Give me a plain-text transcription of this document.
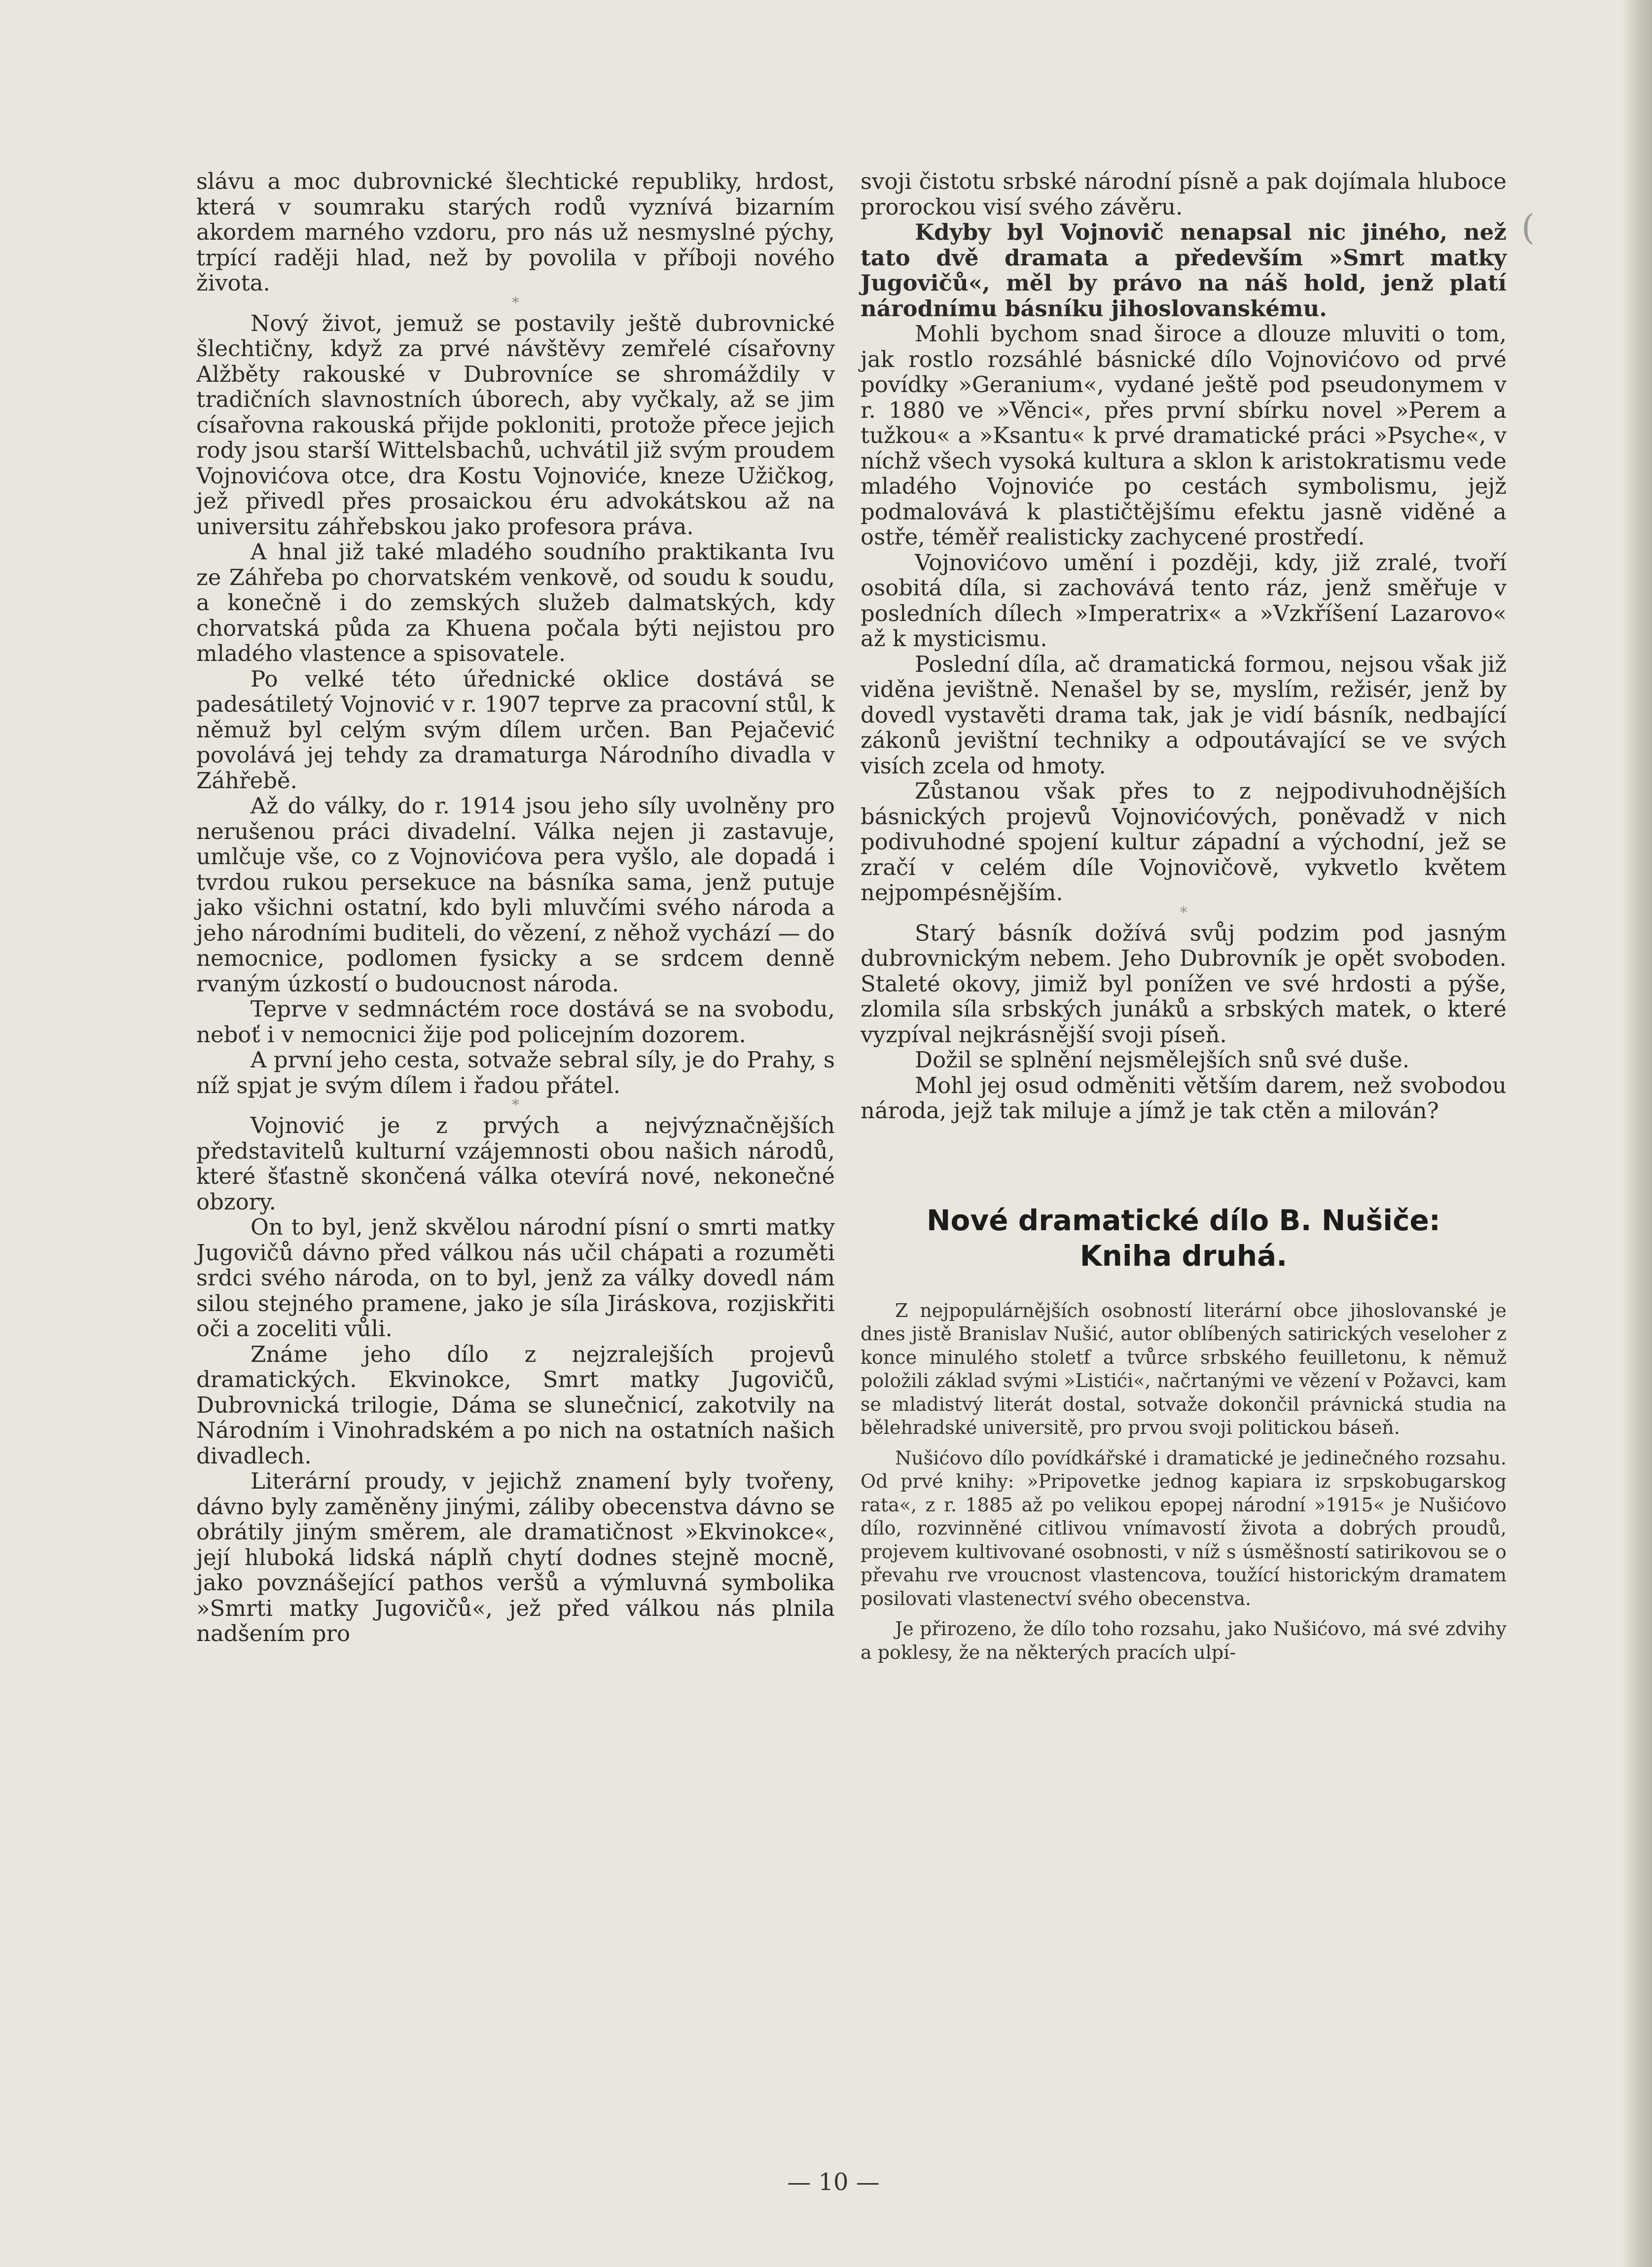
(

slávu a moc dubrovnické šlechtické republiky, hrdost, která v soumraku starých rodů vyznívá bizarním akordem marného vzdoru, pro nás už nesmyslné pýchy, trpící raději hlad, než by povolila v příboji nového života.

*

Nový život, jemuž se postavily ještě dubrovnické šlechtičny, když za prvé návštěvy zemřelé císařovny Alžběty rakouské v Dubrovníce se shromáždily v tradičních slavnostních úborech, aby vyčkaly, až se jim císařovna rakouská přijde pokloniti, protože přece jejich rody jsou starší Wittelsbachů, uchvátil již svým proudem Vojnovićova otce, dra Kostu Vojnoviće, kneze Užičkog, jež přivedl přes prosaickou éru advokátskou až na universitu záhřebskou jako profesora práva.

A hnal již také mladého soudního praktikanta Ivu ze Záhřeba po chorvatském venkově, od soudu k soudu, a konečně i do zemských služeb dalmatských, kdy chorvatská půda za Khuena počala býti nejistou pro mladého vlastence a spisovatele.

Po velké této úřednické oklice dostává se padesátiletý Vojnović v r. 1907 teprve za pracovní stůl, k němuž byl celým svým dílem určen. Ban Pejačević povolává jej tehdy za dramaturga Národního divadla v Záhřebě.

Až do války, do r. 1914 jsou jeho síly uvolněny pro nerušenou práci divadelní. Válka nejen ji zastavuje, umlčuje vše, co z Vojnovićova pera vyšlo, ale dopadá i tvrdou rukou persekuce na básníka sama, jenž putuje jako všichni ostatní, kdo byli mluvčími svého národa a jeho národními buditeli, do vězení, z něhož vychází — do nemocnice, podlomen fysicky a se srdcem denně rvaným úzkostí o budoucnost národa.

Teprve v sedmnáctém roce dostává se na svobodu, neboť i v nemocnici žije pod policejním dozorem.

A první jeho cesta, sotvaže sebral síly, je do Prahy, s níž spjat je svým dílem i řadou přátel.

*

Vojnović je z prvých a nejvýznačnějších představitelů kulturní vzájemnosti obou našich národů, které šťastně skončená válka otevírá nové, nekonečné obzory.

On to byl, jenž skvělou národní písní o smrti matky Jugovičů dávno před válkou nás učil chápati a rozuměti srdci svého národa, on to byl, jenž za války dovedl nám silou stejného pramene, jako je síla Jiráskova, rozjiskřiti oči a zoceliti vůli.

Známe jeho dílo z nejzralejších projevů dramatických. Ekvinokce, Smrt matky Jugovičů, Dubrovnická trilogie, Dáma se slunečnicí, zakotvily na Národním i Vinohradském a po nich na ostatních našich divadlech.

Literární proudy, v jejichž znamení byly tvořeny, dávno byly zaměněny jinými, záliby obecenstva dávno se obrátily jiným směrem, ale dramatičnost »Ekvinokce«, její hluboká lidská náplň chytí dodnes stejně mocně, jako povznášející pathos veršů a výmluvná symbolika »Smrti matky Jugovičů«, jež před válkou nás plnila nadšením pro

svoji čistotu srbské národní písně a pak dojímala hluboce prorockou visí svého závěru.

Kdyby byl Vojnovič nenapsal nic jiného, než tato dvě dramata a především »Smrt matky Jugovičů«, měl by právo na náš hold, jenž platí národnímu básníku jihoslovanskému.

Mohli bychom snad široce a dlouze mluviti o tom, jak rostlo rozsáhlé básnické dílo Vojnovićovo od prvé povídky »Geranium«, vydané ještě pod pseudonymem v r. 1880 ve »Věnci«, přes první sbírku novel »Perem a tužkou« a »Ksantu« k prvé dramatické práci »Psyche«, v níchž všech vysoká kultura a sklon k aristokratismu vede mladého Vojnoviće po cestách symbolismu, jejž podmalovává k plastičtějšímu efektu jasně viděné a ostře, téměř realisticky zachycené prostředí.

Vojnovićovo umění i později, kdy, již zralé, tvoří osobitá díla, si zachovává tento ráz, jenž směřuje v posledních dílech »Imperatrix« a »Vzkříšení Lazarovo« až k mysticismu.

Poslední díla, ač dramatická formou, nejsou však již viděna jevištně. Nenašel by se, myslím, režisér, jenž by dovedl vystavěti drama tak, jak je vidí básník, nedbající zákonů jevištní techniky a odpoutávající se ve svých visích zcela od hmoty.

Zůstanou však přes to z nejpodivuhodnějších básnických projevů Vojnovićových, poněvadž v nich podivuhodné spojení kultur západní a východní, jež se zračí v celém díle Vojnovičově, vykvetlo květem nejpompésnějším.

*

Starý básník dožívá svůj podzim pod jasným dubrovnickým nebem. Jeho Dubrovník je opět svoboden. Staleté okovy, jimiž byl ponížen ve své hrdosti a pýše, zlomila síla srbských junáků a srbských matek, o které vyzpíval nejkrásnější svoji píseň.

Dožil se splnění nejsmělejších snů své duše.

Mohl jej osud odměniti větším darem, než svobodou národa, jejž tak miluje a jímž je tak ctěn a milován?

Nové dramatické dílo B. Nušiče:
Kniha druhá.

Z nejpopulárnějších osobností literární obce jihoslovanské je dnes jistě Branislav Nušić, autor oblíbených satirických veseloher z konce minulého stoletf a tvůrce srbského feuilletonu, k němuž položili základ svými »Listići«, načrtanými ve vězení v Požavci, kam se mladistvý literát dostal, sotvaže dokončil právnická studia na bělehradské universitě, pro prvou svoji politickou báseň.

Nušićovo dílo povídkářské i dramatické je jedinečného rozsahu. Od prvé knihy: »Pripovetke jednog kapiara iz srpskobugarskog rata«, z r. 1885 až po velikou epopej národní »1915« je Nušićovo dílo, rozvinněné citlivou vnímavostí života a dobrých proudů, projevem kultivované osobnosti, v níž s úsměšností satirikovou se o převahu rve vroucnost vlastencova, toužící historickým dramatem posilovati vlastenectví svého obecenstva.

Je přirozeno, že dílo toho rozsahu, jako Nušićovo, má své zdvihy a poklesy, že na některých pracích ulpí-

— 10 —
